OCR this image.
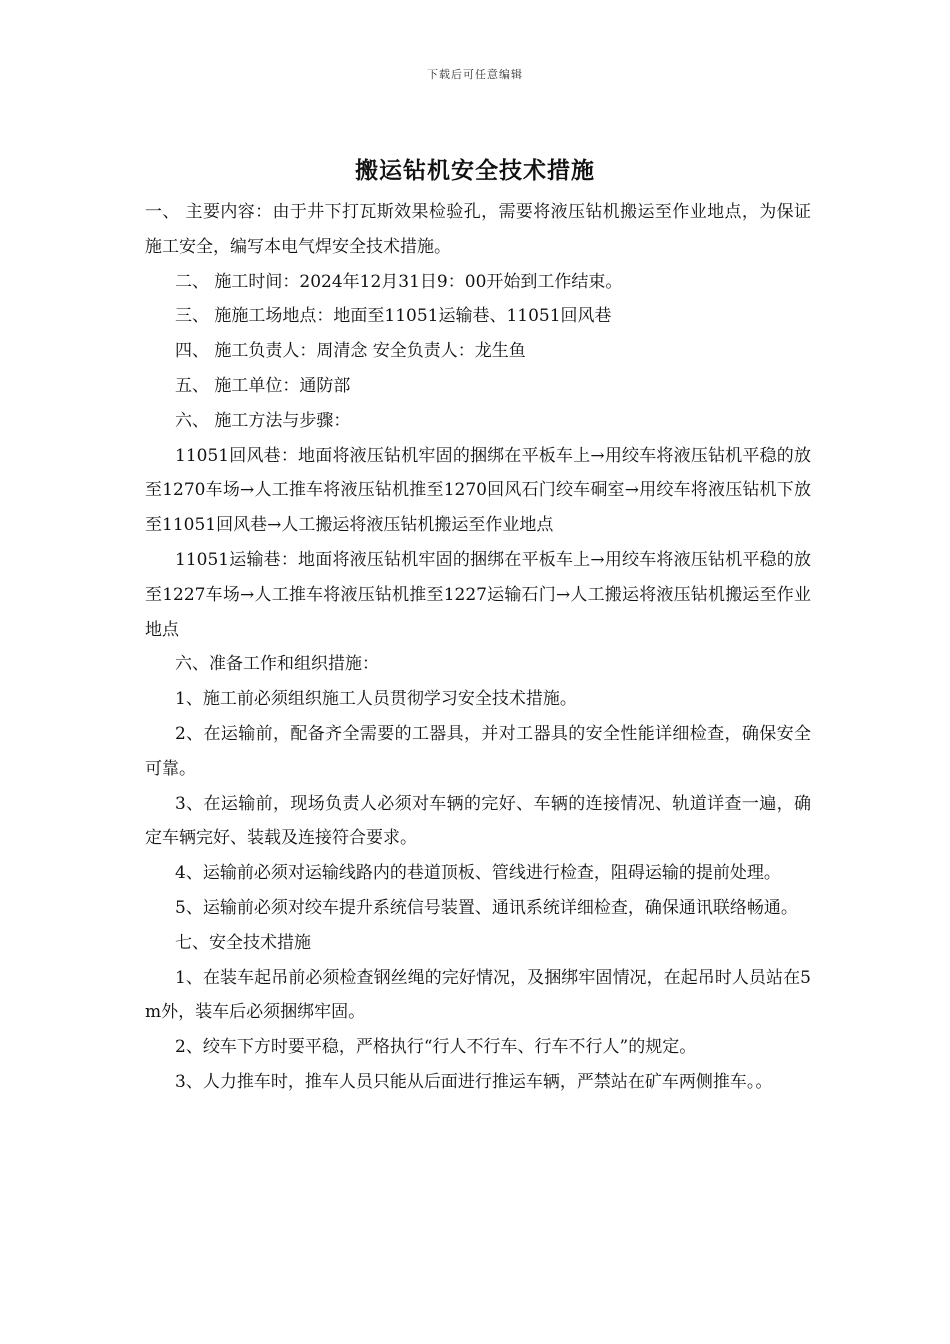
下载后可任意编辑
搬运钻机安全技术措施

一、 主要内容：由于井下打瓦斯效果检验孔，需要将液压钻机搬运至作业地点，为保证施工安全，编写本电气焊安全技术措施。

二、 施工时间：2024年12月31日9：00开始到工作结束。

三、 施施工场地点：地面至11051运输巷、11051回风巷

四、 施工负责人：周清念 安全负责人：龙生鱼

五、 施工单位：通防部

六、 施工方法与步骤：

11051回风巷：地面将液压钻机牢固的捆绑在平板车上→用绞车将液压钻机平稳的放至1270车场→人工推车将液压钻机推至1270回风石门绞车硐室→用绞车将液压钻机下放至11051回风巷→人工搬运将液压钻机搬运至作业地点

11051运输巷：地面将液压钻机牢固的捆绑在平板车上→用绞车将液压钻机平稳的放至1227车场→人工推车将液压钻机推至1227运输石门→人工搬运将液压钻机搬运至作业地点

六、准备工作和组织措施：

1、施工前必须组织施工人员贯彻学习安全技术措施。

2、在运输前，配备齐全需要的工器具，并对工器具的安全性能详细检查，确保安全可靠。

3、在运输前，现场负责人必须对车辆的完好、车辆的连接情况、轨道详查一遍，确定车辆完好、装载及连接符合要求。

4、运输前必须对运输线路内的巷道顶板、管线进行检查，阻碍运输的提前处理。

5、运输前必须对绞车提升系统信号装置、通讯系统详细检查，确保通讯联络畅通。

七、安全技术措施

1、在装车起吊前必须检查钢丝绳的完好情况，及捆绑牢固情况，在起吊时人员站在5m外，装车后必须捆绑牢固。

2、绞车下方时要平稳，严格执行“行人不行车、行车不行人”的规定。

3、人力推车时，推车人员只能从后面进行推运车辆，严禁站在矿车两侧推车。。
